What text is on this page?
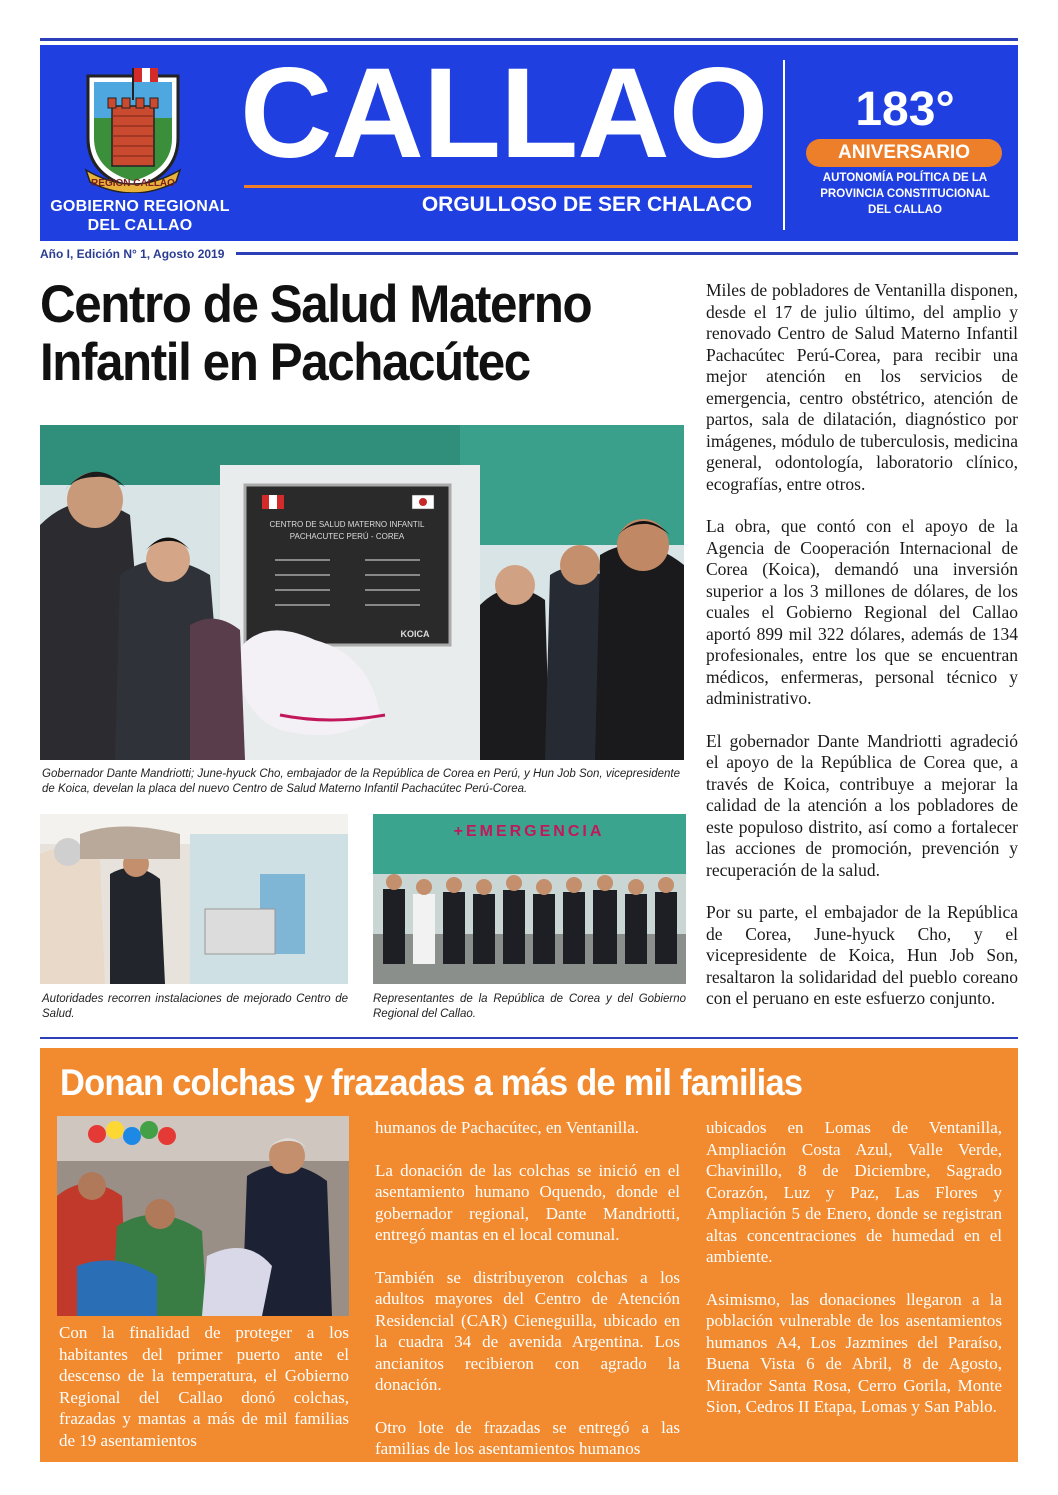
REGION CALLAO
GOBIERNO REGIONAL
DEL CALLAO
CALLAO
ORGULLOSO DE SER CHALACO
183°
ANIVERSARIO
AUTONOMÍA POLÍTICA DE LA
PROVINCIA CONSTITUCIONAL
DEL CALLAO
Año I, Edición N° 1, Agosto 2019
Centro de Salud Materno Infantil en Pachacútec

Miles de pobladores de Ventanilla disponen, desde el 17 de julio último, del amplio y renovado Centro de Salud Materno Infantil Pachacútec Perú-Corea, para recibir una mejor atención en los servicios de emergencia, centro obstétrico, atención de partos, sala de dilatación, diagnóstico por imágenes, módulo de tuberculosis, medicina general, odontología, laboratorio clínico, ecografías, entre otros.

La obra, que contó con el apoyo de la Agencia de Cooperación Internacional de Corea (Koica), demandó una inversión superior a los 3 millones de dólares, de los cuales el Gobierno Regional del Callao aportó 899 mil 322 dólares, además de 134 profesionales, entre los que se encuentran médicos, enfermeras, personal técnico y administrativo.

El gobernador Dante Mandriotti agradeció el apoyo de la República de Corea que, a través de Koica, contribuye a mejorar la calidad de la atención a los pobladores de este populoso distrito, así como a fortalecer las acciones de promoción, prevención y recuperación de la salud.

Por su parte, el embajador de la República de Corea, June-hyuck Cho, y el vicepresidente de Koica, Hun Job Son, resaltaron la solidaridad del pueblo coreano con el peruano en este esfuerzo conjunto.

CENTRO DE SALUD MATERNO INFANTIL
PACHACUTEC PERÚ - COREA
KOICA
Gobernador Dante Mandriotti; June-hyuck Cho, embajador de la República de Corea en Perú, y Hun Job Son, vicepresidente de Koica, develan la placa del nuevo Centro de Salud Materno Infantil Pachacútec Perú-Corea.
Autoridades recorren instalaciones de mejorado Centro de Salud.
+EMERGENCIA
Representantes de la República de Corea y del Gobierno Regional del Callao.
Donan colchas y frazadas a más de mil familias

Con la finalidad de proteger a los habitantes del primer puerto ante el descenso de la temperatura, el Gobierno Regional del Callao donó colchas, frazadas y mantas a más de mil familias de 19 asentamientos

humanos de Pachacútec, en Ventanilla.

La donación de las colchas se inició en el asentamiento humano Oquendo, donde el gobernador regional, Dante Mandriotti, entregó mantas en el local comunal.

También se distribuyeron colchas a los adultos mayores del Centro de Atención Residencial (CAR) Cieneguilla, ubicado en la cuadra 34 de avenida Argentina. Los ancianitos recibieron con agrado la donación.

Otro lote de frazadas se entregó a las familias de los asentamientos humanos

ubicados en Lomas de Ventanilla, Ampliación Costa Azul, Valle Verde, Chavinillo, 8 de Diciembre, Sagrado Corazón, Luz y Paz, Las Flores y Ampliación 5 de Enero, donde se registran altas concentraciones de humedad en el ambiente.

Asimismo, las donaciones llegaron a la población vulnerable de los asentamientos humanos A4, Los Jazmines del Paraíso, Buena Vista 6 de Abril, 8 de Agosto, Mirador Santa Rosa, Cerro Gorila, Monte Sion, Cedros II Etapa, Lomas y San Pablo.
